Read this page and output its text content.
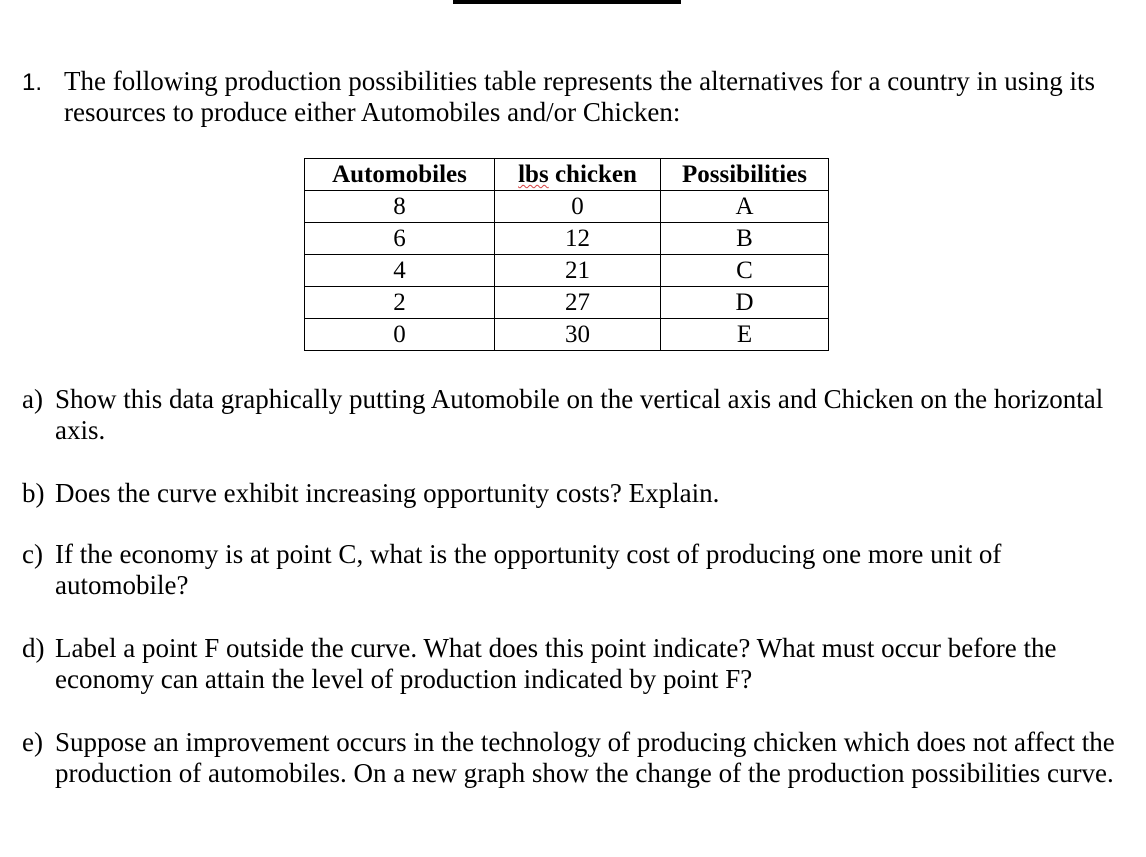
1. The following production possibilities table represents the alternatives for a country in using its resources to produce either Automobiles and/or Chicken:
Automobiles	lbs chicken	Possibilities
8	0	A
6	12	B
4	21	C
2	27	D
0	30	E
a) Show this data graphically putting Automobile on the vertical axis and Chicken on the horizontal axis.
b) Does the curve exhibit increasing opportunity costs? Explain.
c) If the economy is at point C, what is the opportunity cost of producing one more unit of automobile?
d) Label a point F outside the curve. What does this point indicate? What must occur before the economy can attain the level of production indicated by point F?
e) Suppose an improvement occurs in the technology of producing chicken which does not affect the production of automobiles. On a new graph show the change of the production possibilities curve.
